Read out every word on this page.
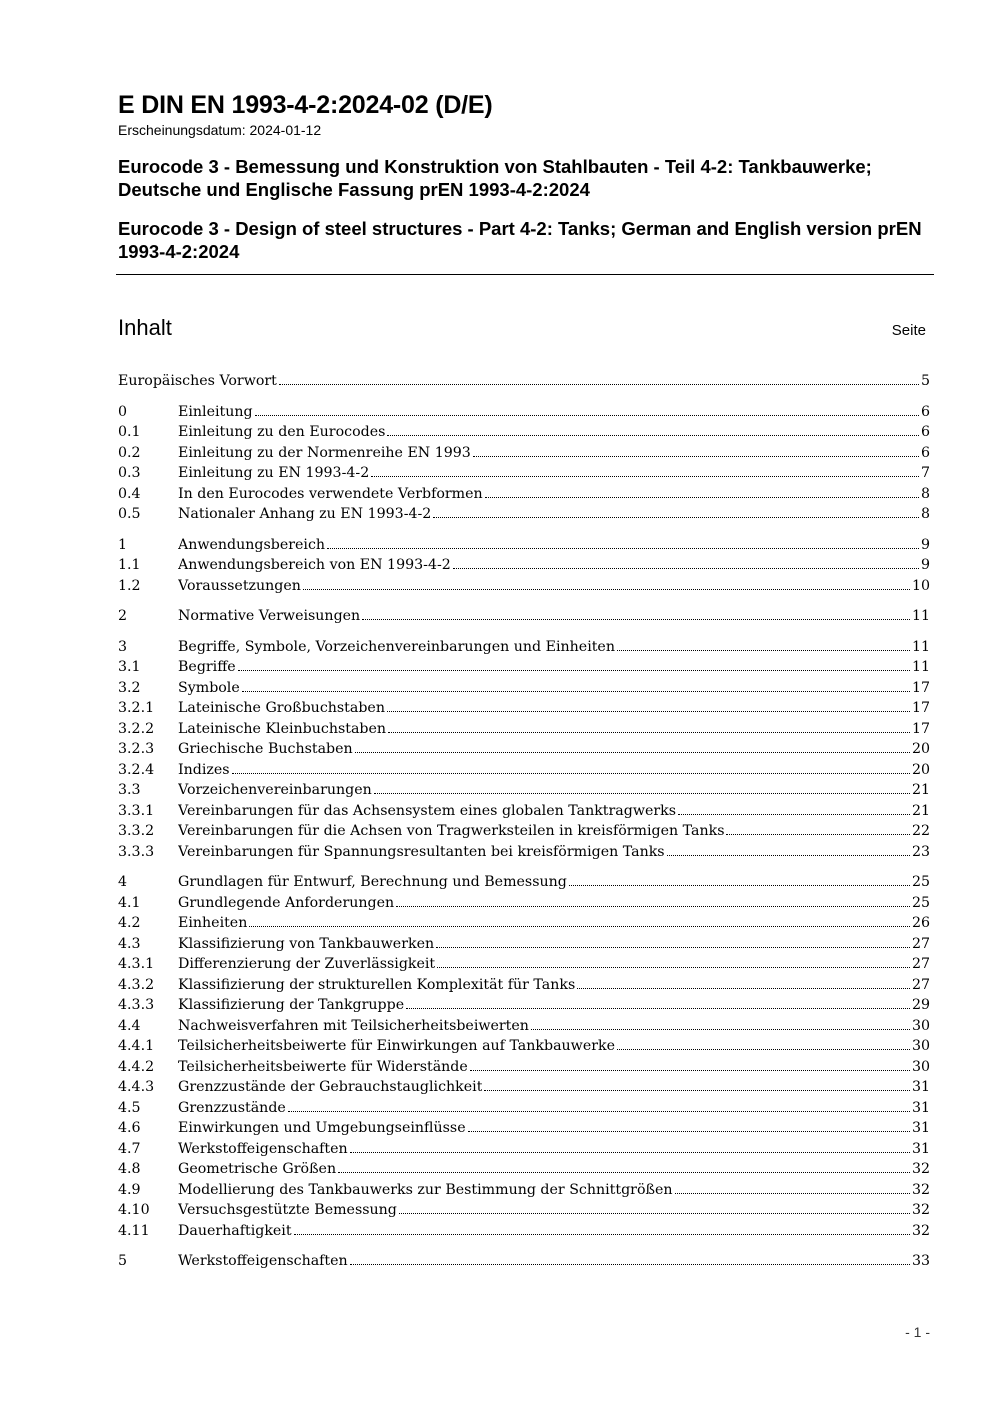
E DIN EN 1993-4-2:2024-02 (D/E)

Erscheinungsdatum: 2024-01-12

Eurocode 3 - Bemessung und Konstruktion von Stahlbauten - Teil 4-2: Tankbauwerke; Deutsche und Englische Fassung prEN 1993-4-2:2024

Eurocode 3 - Design of steel structures - Part 4-2: Tanks; German and English version prEN 1993-4-2:2024

Inhalt	Seite
Europäisches Vorwort	5
0	Einleitung	6
0.1	Einleitung zu den Eurocodes	6
0.2	Einleitung zu der Normenreihe EN 1993	6
0.3	Einleitung zu EN 1993-4-2	7
0.4	In den Eurocodes verwendete Verbformen	8
0.5	Nationaler Anhang zu EN 1993-4-2	8
1	Anwendungsbereich	9
1.1	Anwendungsbereich von EN 1993-4-2	9
1.2	Voraussetzungen	10
2	Normative Verweisungen	11
3	Begriffe, Symbole, Vorzeichenvereinbarungen und Einheiten	11
3.1	Begriffe	11
3.2	Symbole	17
3.2.1	Lateinische Großbuchstaben	17
3.2.2	Lateinische Kleinbuchstaben	17
3.2.3	Griechische Buchstaben	20
3.2.4	Indizes	20
3.3	Vorzeichenvereinbarungen	21
3.3.1	Vereinbarungen für das Achsensystem eines globalen Tanktragwerks	21
3.3.2	Vereinbarungen für die Achsen von Tragwerksteilen in kreisförmigen Tanks	22
3.3.3	Vereinbarungen für Spannungsresultanten bei kreisförmigen Tanks	23
4	Grundlagen für Entwurf, Berechnung und Bemessung	25
4.1	Grundlegende Anforderungen	25
4.2	Einheiten	26
4.3	Klassifizierung von Tankbauwerken	27
4.3.1	Differenzierung der Zuverlässigkeit	27
4.3.2	Klassifizierung der strukturellen Komplexität für Tanks	27
4.3.3	Klassifizierung der Tankgruppe	29
4.4	Nachweisverfahren mit Teilsicherheitsbeiwerten	30
4.4.1	Teilsicherheitsbeiwerte für Einwirkungen auf Tankbauwerke	30
4.4.2	Teilsicherheitsbeiwerte für Widerstände	30
4.4.3	Grenzzustände der Gebrauchstauglichkeit	31
4.5	Grenzzustände	31
4.6	Einwirkungen und Umgebungseinflüsse	31
4.7	Werkstoffeigenschaften	31
4.8	Geometrische Größen	32
4.9	Modellierung des Tankbauwerks zur Bestimmung der Schnittgrößen	32
4.10	Versuchsgestützte Bemessung	32
4.11	Dauerhaftigkeit	32
5	Werkstoffeigenschaften	33
- 1 -
